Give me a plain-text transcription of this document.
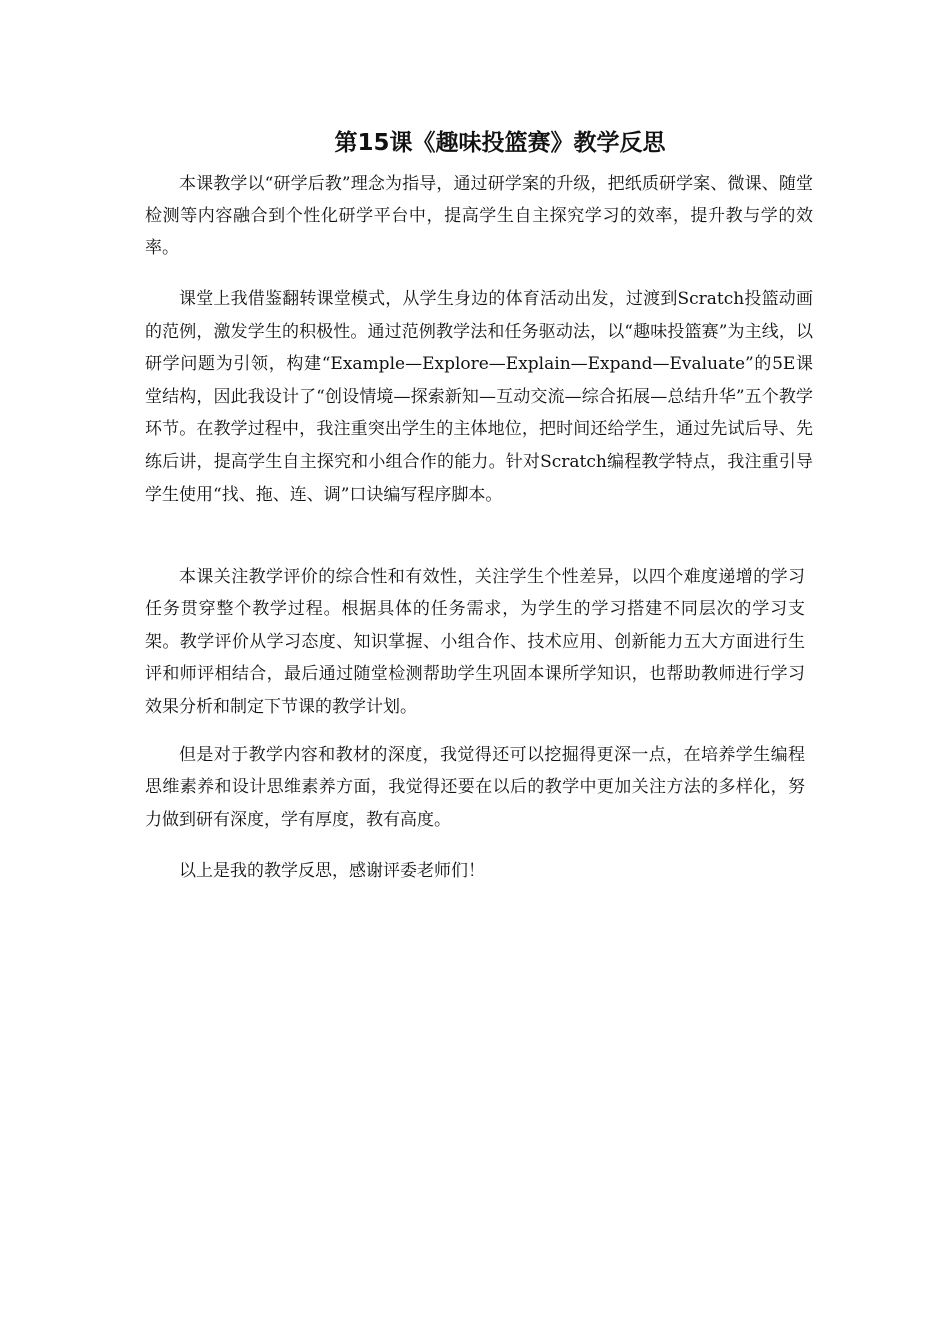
第15课《趣味投篮赛》教学反思

本课教学以“研学后教”理念为指导，通过研学案的升级，把纸质研学案、微课、随堂检测等内容融合到个性化研学平台中，提高学生自主探究学习的效率，提升教与学的效率。

课堂上我借鉴翻转课堂模式，从学生身边的体育活动出发，过渡到Scratch投篮动画的范例，激发学生的积极性。通过范例教学法和任务驱动法，以“趣味投篮赛”为主线，以研学问题为引领，构建“Example—Explore—Explain—Expand—Evaluate”的5E课堂结构，因此我设计了“创设情境—探索新知—互动交流—综合拓展—总结升华”五个教学环节。在教学过程中，我注重突出学生的主体地位，把时间还给学生，通过先试后导、先练后讲，提高学生自主探究和小组合作的能力。针对Scratch编程教学特点，我注重引导学生使用“找、拖、连、调”口诀编写程序脚本。

本课关注教学评价的综合性和有效性，关注学生个性差异，以四个难度递增的学习任务贯穿整个教学过程。根据具体的任务需求，为学生的学习搭建不同层次的学习支架。教学评价从学习态度、知识掌握、小组合作、技术应用、创新能力五大方面进行生评和师评相结合，最后通过随堂检测帮助学生巩固本课所学知识，也帮助教师进行学习效果分析和制定下节课的教学计划。

但是对于教学内容和教材的深度，我觉得还可以挖掘得更深一点，在培养学生编程思维素养和设计思维素养方面，我觉得还要在以后的教学中更加关注方法的多样化，努力做到研有深度，学有厚度，教有高度。

以上是我的教学反思，感谢评委老师们！
